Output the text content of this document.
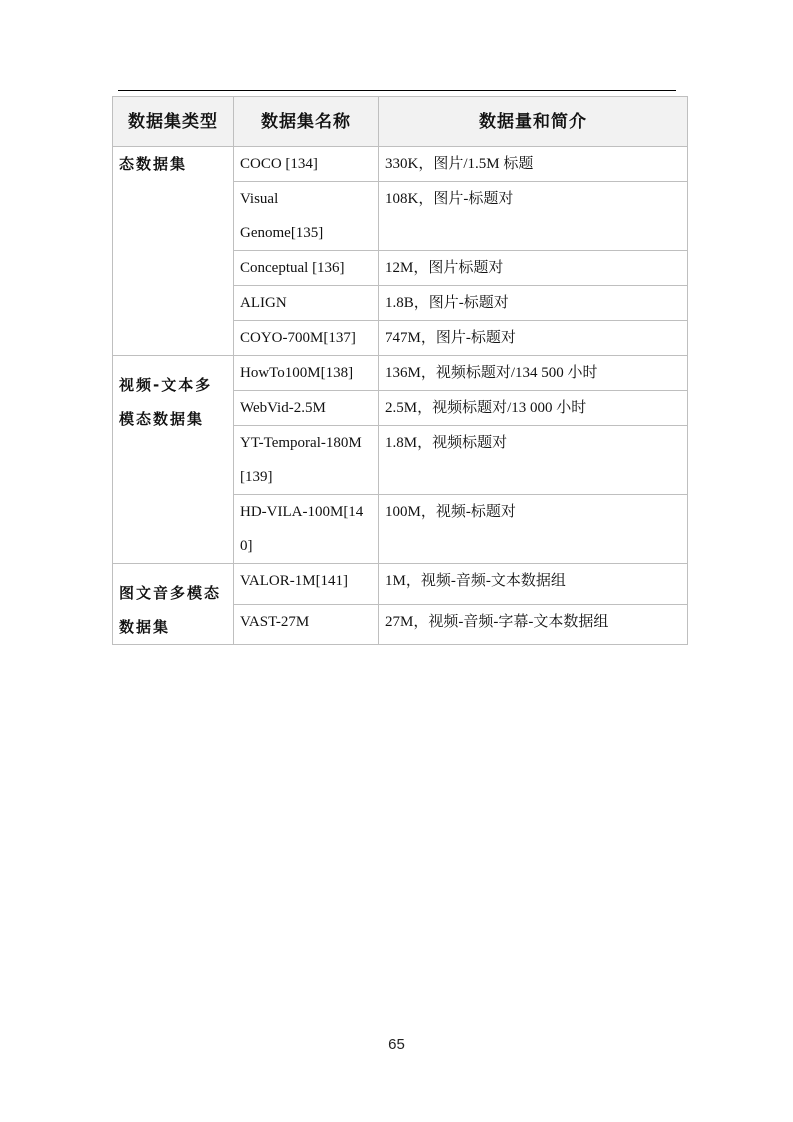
数据集类型	数据集名称	数据量和简介
态数据集	COCO [134]	330K，图片/1.5M 标题
	Visual Genome[135]	108K，图片-标题对
	Conceptual [136]	12M，图片标题对
	ALIGN	1.8B，图片-标题对
	COYO-700M[137]	747M，图片-标题对
视频-文本多模态数据集	HowTo100M[138]	136M，视频标题对/134 500 小时
	WebVid-2.5M	2.5M，视频标题对/13 000 小时
	YT-Temporal-180M [139]	1.8M，视频标题对
	HD-VILA-100M[140]	100M，视频-标题对
图文音多模态数据集	VALOR-1M[141]	1M，视频-音频-文本数据组
	VAST-27M	27M，视频-音频-字幕-文本数据组
65
